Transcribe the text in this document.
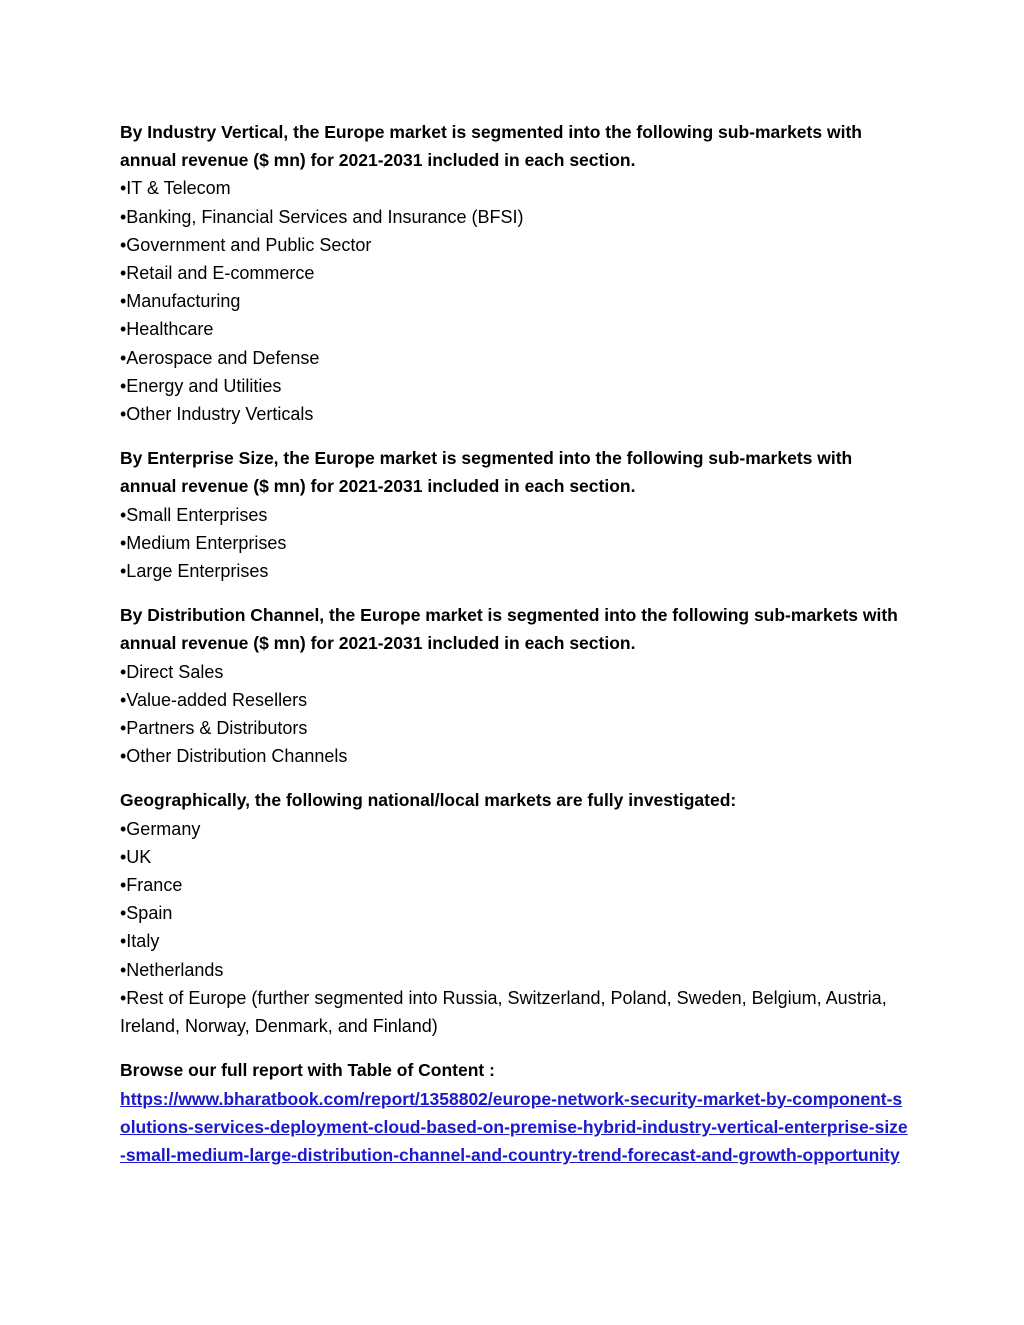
By Industry Vertical, the Europe market is segmented into the following sub-markets with annual revenue ($ mn) for 2021-2031 included in each section.

•IT & Telecom
•Banking, Financial Services and Insurance (BFSI)
•Government and Public Sector
•Retail and E-commerce
•Manufacturing
•Healthcare
•Aerospace and Defense
•Energy and Utilities
•Other Industry Verticals

By Enterprise Size, the Europe market is segmented into the following sub-markets with annual revenue ($ mn) for 2021-2031 included in each section.

•Small Enterprises
•Medium Enterprises
•Large Enterprises

By Distribution Channel, the Europe market is segmented into the following sub-markets with annual revenue ($ mn) for 2021-2031 included in each section.

•Direct Sales
•Value-added Resellers
•Partners & Distributors
•Other Distribution Channels

Geographically, the following national/local markets are fully investigated:

•Germany
•UK
•France
•Spain
•Italy
•Netherlands
•Rest of Europe (further segmented into Russia, Switzerland, Poland, Sweden, Belgium, Austria, Ireland, Norway, Denmark, and Finland)

Browse our full report with Table of Content :

https://www.bharatbook.com/report/1358802/europe-network-security-market-by-component-solutions-services-deployment-cloud-based-on-premise-hybrid-industry-vertical-enterprise-size-small-medium-large-distribution-channel-and-country-trend-forecast-and-growth-opportunity
